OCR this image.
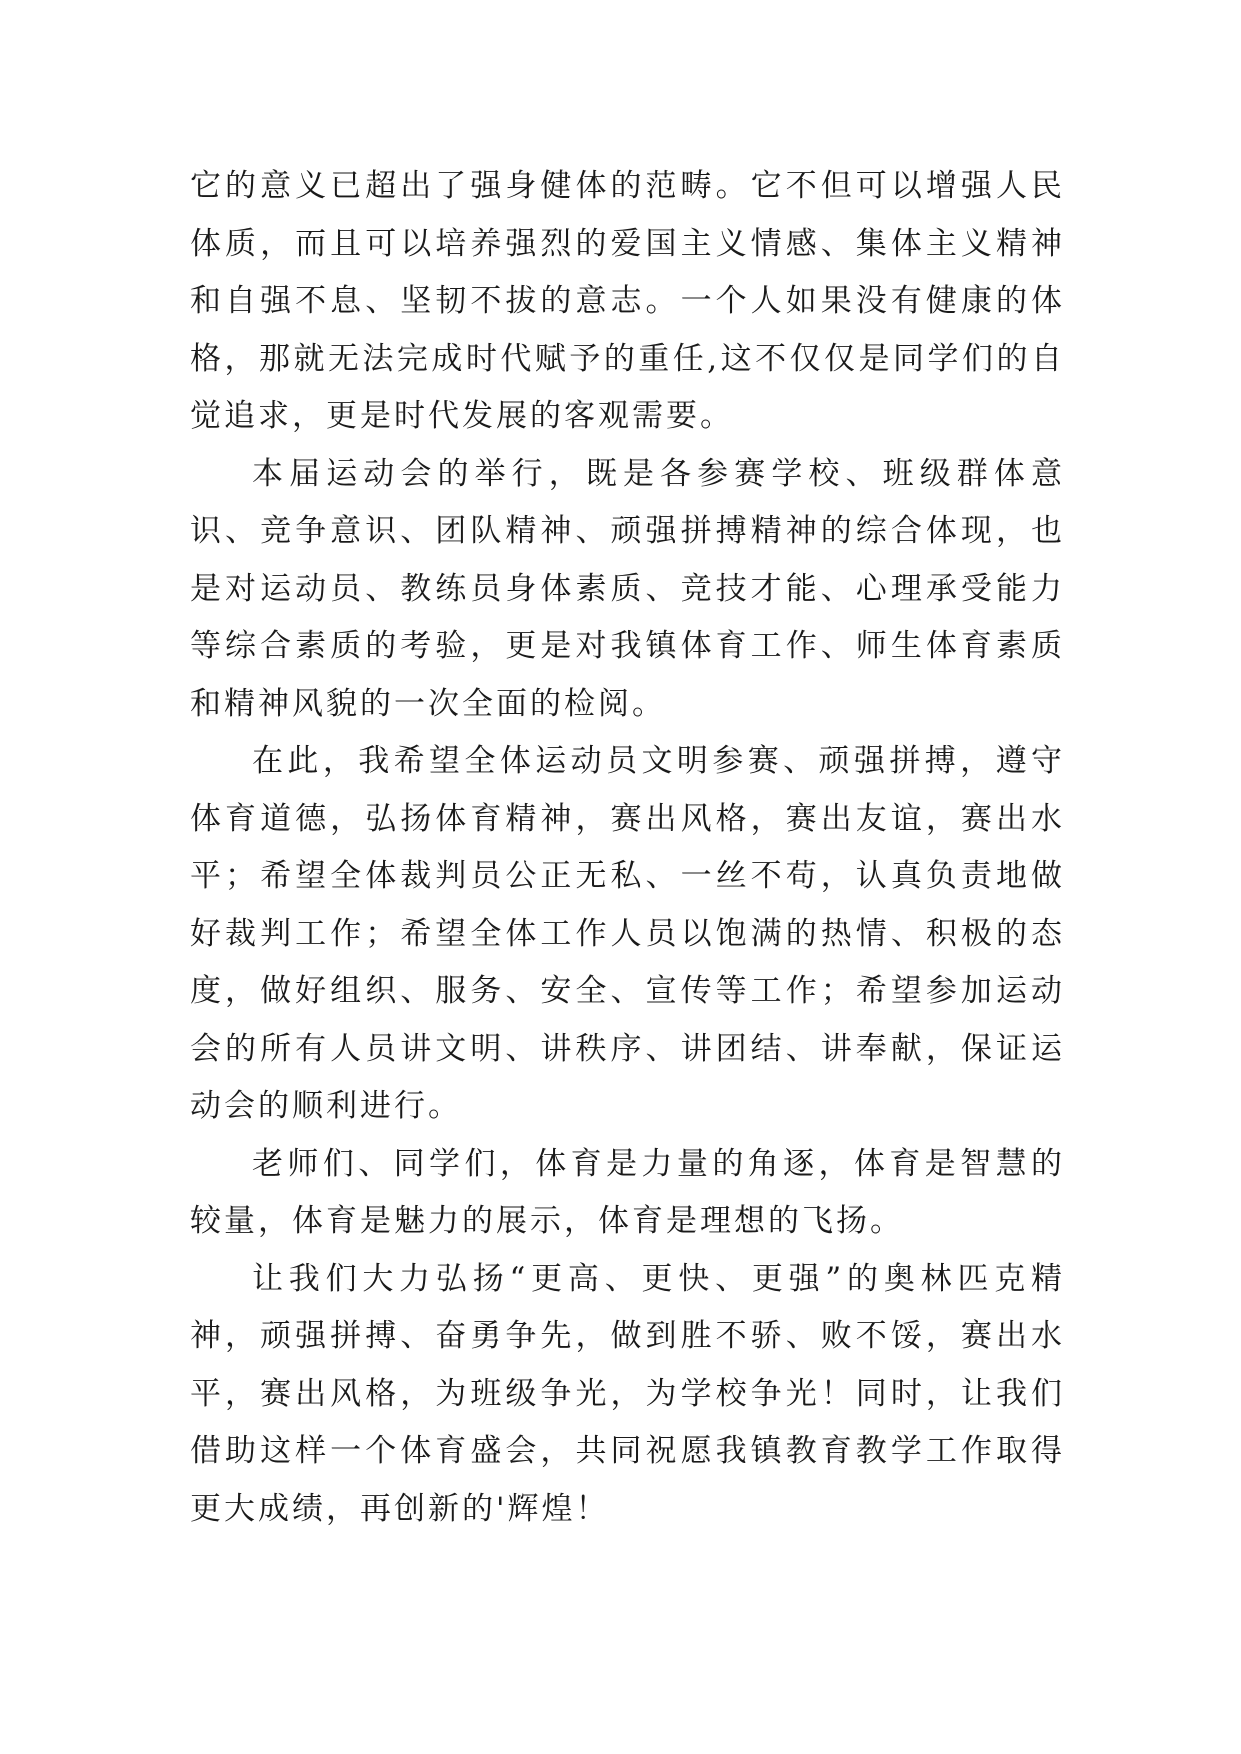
它的意义已超出了强身健体的范畴。它不但可以增强人民体质，而且可以培养强烈的爱国主义情感、集体主义精神和自强不息、坚韧不拔的意志。一个人如果没有健康的体格，那就无法完成时代赋予的重任,这不仅仅是同学们的自觉追求，更是时代发展的客观需要。

本届运动会的举行，既是各参赛学校、班级群体意识、竞争意识、团队精神、顽强拼搏精神的综合体现，也是对运动员、教练员身体素质、竞技才能、心理承受能力等综合素质的考验，更是对我镇体育工作、师生体育素质和精神风貌的一次全面的检阅。

在此，我希望全体运动员文明参赛、顽强拼搏，遵守体育道德，弘扬体育精神，赛出风格，赛出友谊，赛出水平；希望全体裁判员公正无私、一丝不苟，认真负责地做好裁判工作；希望全体工作人员以饱满的热情、积极的态度，做好组织、服务、安全、宣传等工作；希望参加运动会的所有人员讲文明、讲秩序、讲团结、讲奉献，保证运动会的顺利进行。

老师们、同学们，体育是力量的角逐，体育是智慧的较量，体育是魅力的展示，体育是理想的飞扬。

让我们大力弘扬“更高、更快、更强”的奥林匹克精神，顽强拼搏、奋勇争先，做到胜不骄、败不馁，赛出水平，赛出风格，为班级争光，为学校争光！同时，让我们借助这样一个体育盛会，共同祝愿我镇教育教学工作取得更大成绩，再创新的'辉煌！
